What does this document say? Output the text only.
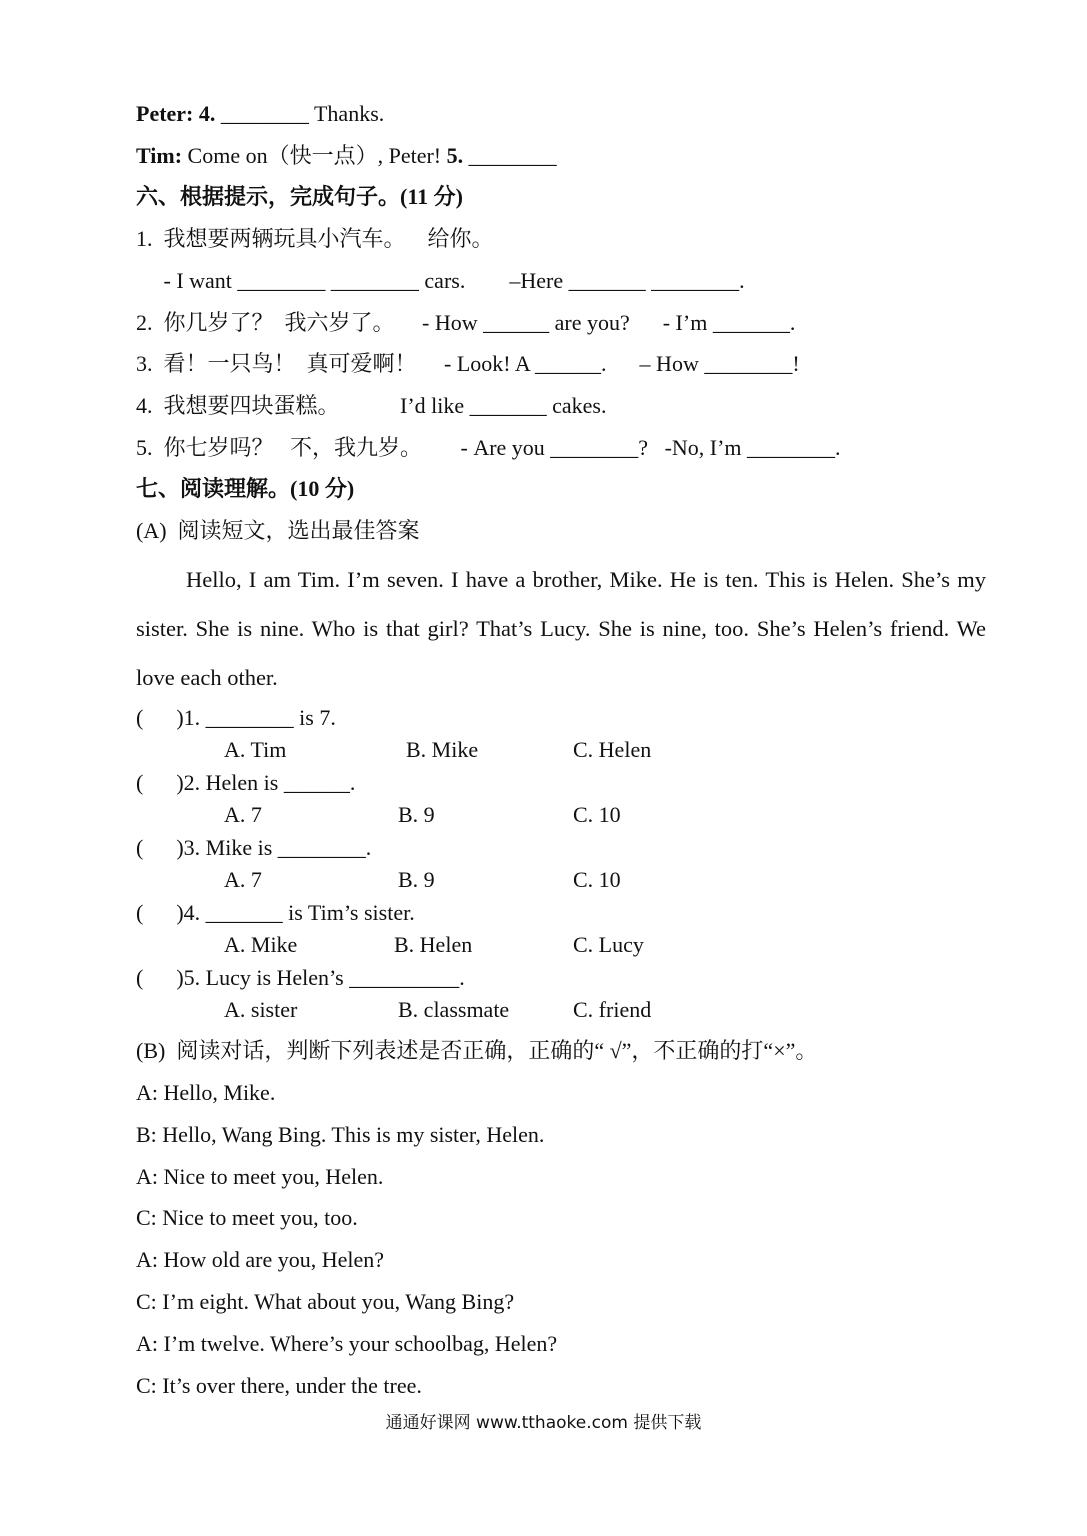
Peter: 4. ________ Thanks.
Tim: Come on（快一点）, Peter! 5. ________
六、根据提示，完成句子。(11 分)
1.  我想要两辆玩具小汽车。    给你。
- I want ________ ________ cars.        –Here _______ ________.
2.  你几岁了？  我六岁了。     - How ______ are you?      - I’m _______.
3.  看！一只鸟！  真可爱啊！     - Look! A ______.      – How ________!
4.  我想要四块蛋糕。           I’d like _______ cakes.
5.  你七岁吗？   不，我九岁。       - Are you ________?   -No, I’m ________.
七、阅读理解。(10 分)
(A)  阅读短文，选出最佳答案
Hello, I am Tim. I’m seven. I have a brother, Mike. He is ten. This is Helen. She’s my sister. She is nine. Who is that girl? That’s Lucy. She is nine, too. She’s Helen’s friend. We love each other.
(      )1. ________ is 7.
A. Tim	B. Mike	C. Helen
(      )2. Helen is ______.
A. 7	B. 9	C. 10
(      )3. Mike is ________.
A. 7	B. 9	C. 10
(      )4. _______ is Tim’s sister.
A. Mike	B. Helen	C. Lucy
(      )5. Lucy is Helen’s __________.
A. sister	B. classmate	C. friend
(B)  阅读对话，判断下列表述是否正确，正确的“ √”，不正确的打“×”。
A: Hello, Mike.
B: Hello, Wang Bing. This is my sister, Helen.
A: Nice to meet you, Helen.
C: Nice to meet you, too.
A: How old are you, Helen?
C: I’m eight. What about you, Wang Bing?
A: I’m twelve. Where’s your schoolbag, Helen?
C: It’s over there, under the tree.
通通好课网 www.tthaoke.com 提供下载
